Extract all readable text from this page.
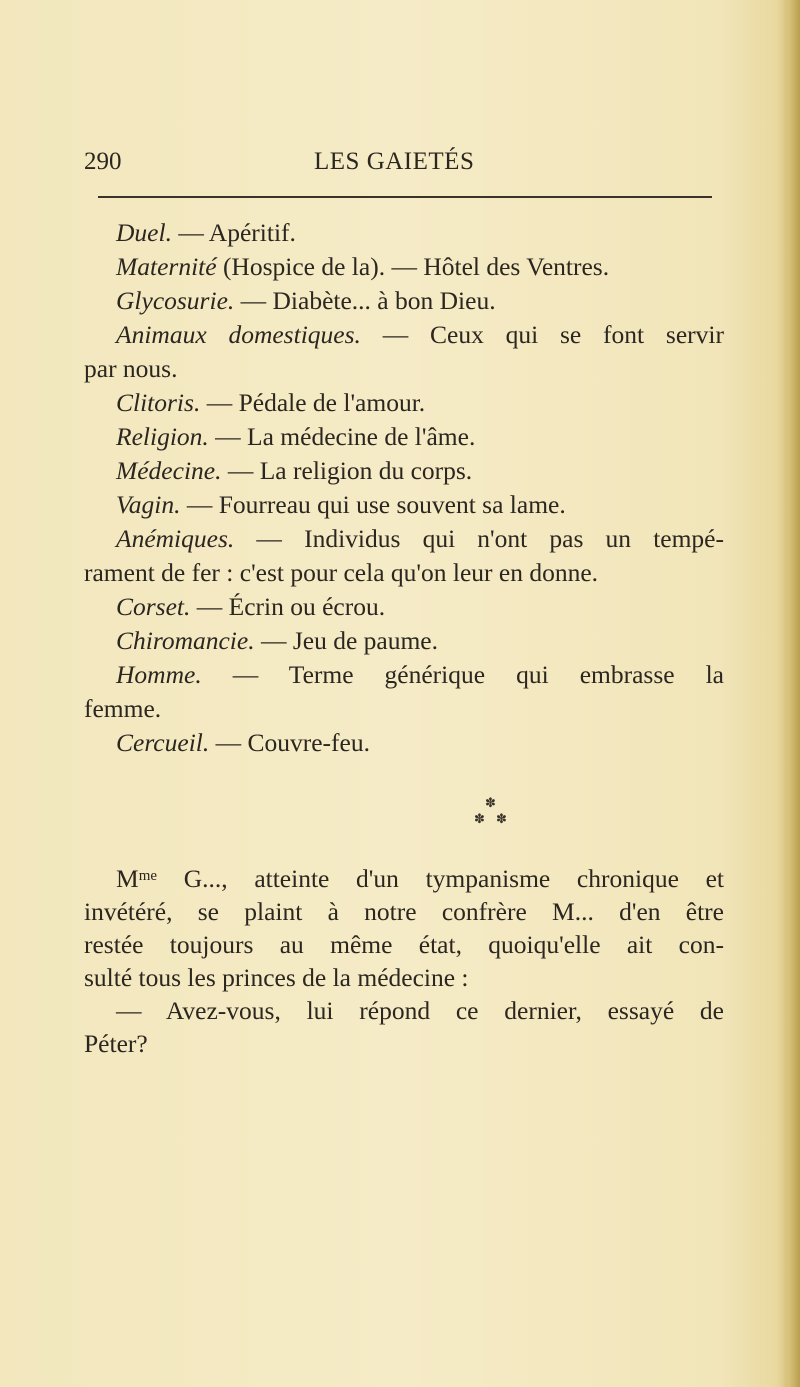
290	LES GAIETÉS
Duel. — Apéritif.
Maternité (Hospice de la). — Hôtel des Ventres.
Glycosurie. — Diabète... à bon Dieu.
Animaux domestiques. — Ceux qui se font servir
par nous.
Clitoris. — Pédale de l'amour.
Religion. — La médecine de l'âme.
Médecine. — La religion du corps.
Vagin. — Fourreau qui use souvent sa lame.
Anémiques. — Individus qui n'ont pas un tempé-
rament de fer : c'est pour cela qu'on leur en donne.
Corset. — Écrin ou écrou.
Chiromancie. — Jeu de paume.
Homme. — Terme générique qui embrasse la
femme.
Cercueil. — Couvre-feu.
✽
✽ ✽

$M^{me}$ G..., atteinte d'un tympanisme chronique et

invétéré, se plaint à notre confrère M... d'en être

restée toujours au même état, quoiqu'elle ait con-

sulté tous les princes de la médecine :

— Avez-vous, lui répond ce dernier, essayé de

Péter?
